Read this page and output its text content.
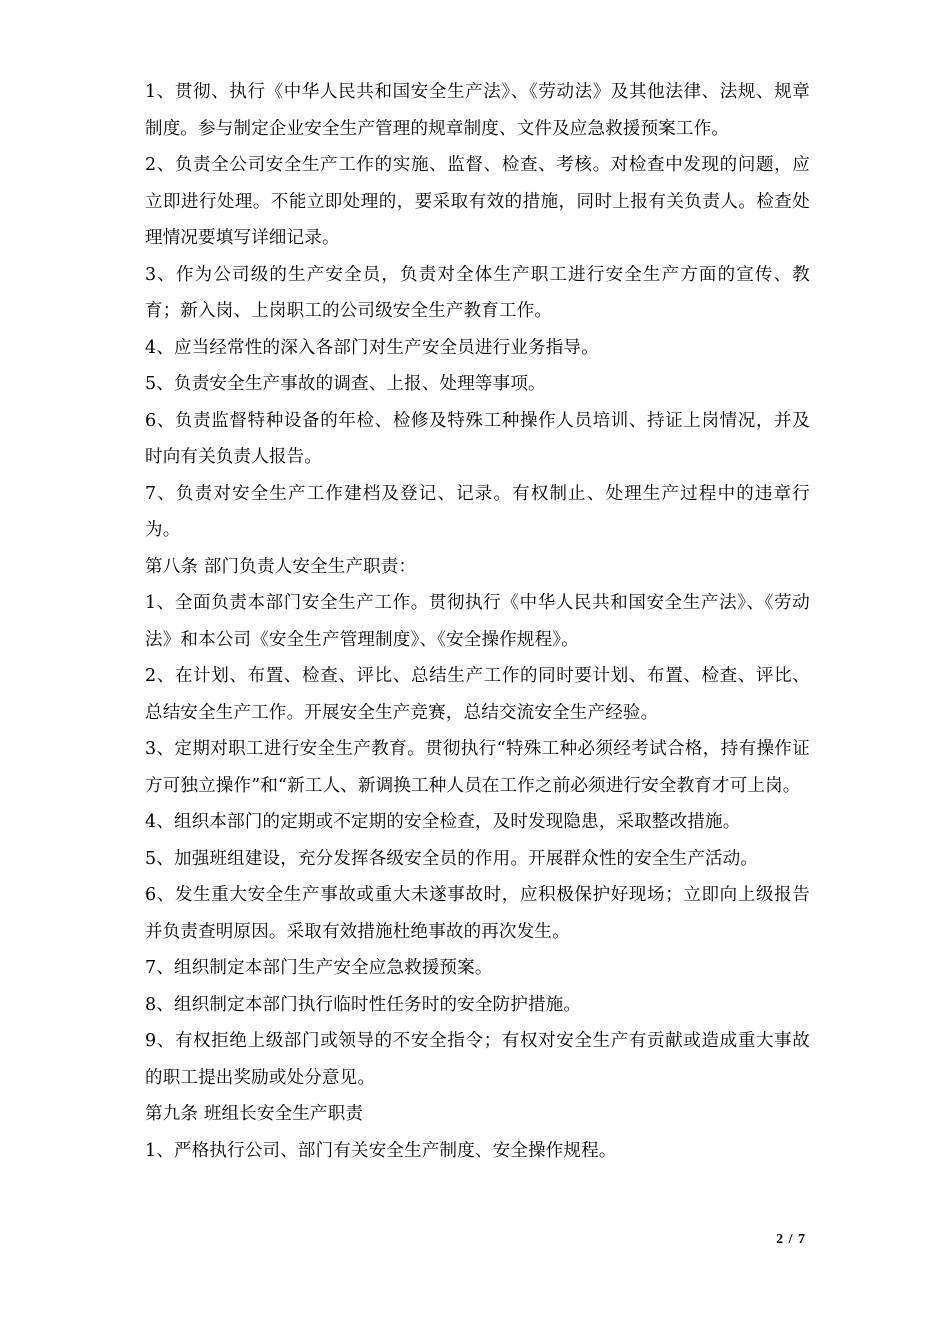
1、贯彻、执行《中华人民共和国安全生产法》、《劳动法》及其他法律、法规、规章制度。参与制定企业安全生产管理的规章制度、文件及应急救援预案工作。

2、负责全公司安全生产工作的实施、监督、检查、考核。对检查中发现的问题，应立即进行处理。不能立即处理的，要采取有效的措施，同时上报有关负责人。检查处理情况要填写详细记录。

3、作为公司级的生产安全员，负责对全体生产职工进行安全生产方面的宣传、教育；新入岗、上岗职工的公司级安全生产教育工作。

4、应当经常性的深入各部门对生产安全员进行业务指导。

5、负责安全生产事故的调查、上报、处理等事项。

6、负责监督特种设备的年检、检修及特殊工种操作人员培训、持证上岗情况，并及时向有关负责人报告。

7、负责对安全生产工作建档及登记、记录。有权制止、处理生产过程中的违章行为。

第八条 部门负责人安全生产职责：

1、全面负责本部门安全生产工作。贯彻执行《中华人民共和国安全生产法》、《劳动法》和本公司《安全生产管理制度》、《安全操作规程》。

2、在计划、布置、检查、评比、总结生产工作的同时要计划、布置、检查、评比、总结安全生产工作。开展安全生产竞赛，总结交流安全生产经验。

3、定期对职工进行安全生产教育。贯彻执行“特殊工种必须经考试合格，持有操作证方可独立操作”和“新工人、新调换工种人员在工作之前必须进行安全教育才可上岗。

4、组织本部门的定期或不定期的安全检查，及时发现隐患，采取整改措施。

5、加强班组建设，充分发挥各级安全员的作用。开展群众性的安全生产活动。

6、发生重大安全生产事故或重大未遂事故时，应积极保护好现场；立即向上级报告并负责查明原因。采取有效措施杜绝事故的再次发生。

7、组织制定本部门生产安全应急救援预案。

8、组织制定本部门执行临时性任务时的安全防护措施。

9、有权拒绝上级部门或领导的不安全指令；有权对安全生产有贡献或造成重大事故的职工提出奖励或处分意见。

第九条 班组长安全生产职责

1、严格执行公司、部门有关安全生产制度、安全操作规程。

2 / 7
